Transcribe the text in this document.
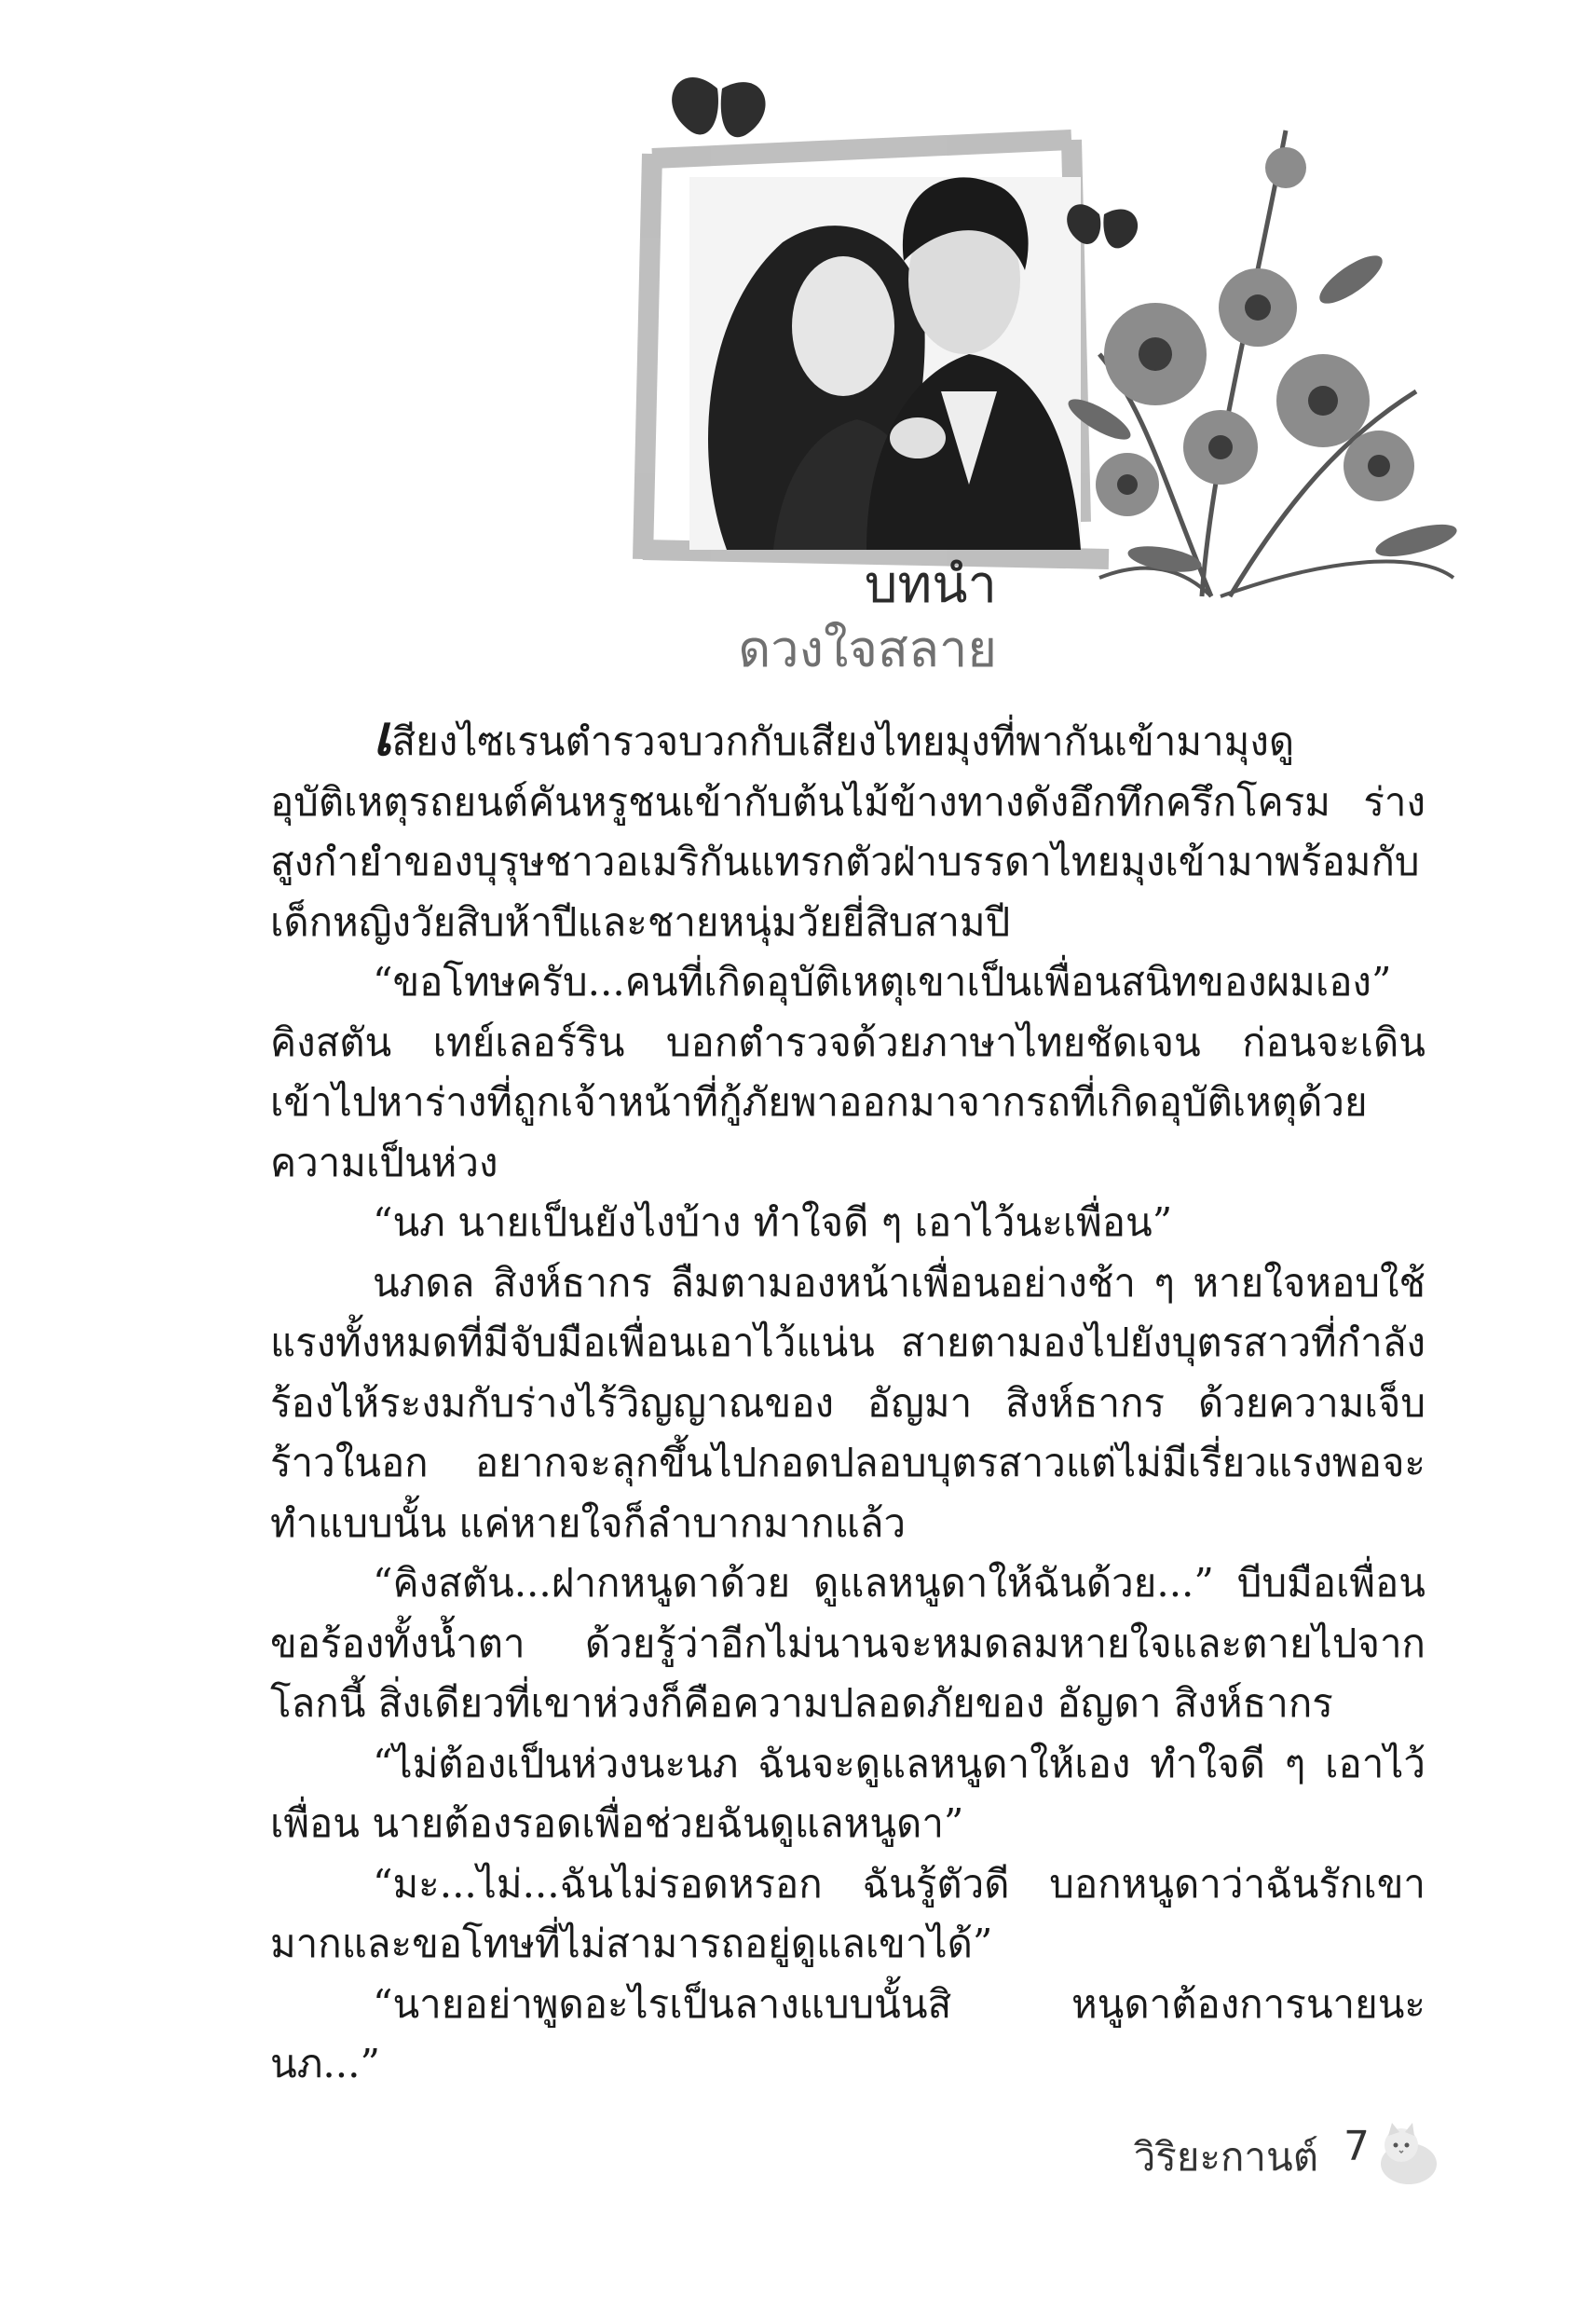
บทนำ
ดวงใจสลาย

เสียงไซเรนตำรวจบวกกับเสียงไทยมุงที่พากันเข้ามามุงดูอุบัติเหตุรถยนต์คันหรูชนเข้ากับต้นไม้ข้างทางดังอึกทึกครึกโครม ร่างสูงกำยำของบุรุษชาวอเมริกันแทรกตัวฝ่าบรรดาไทยมุงเข้ามาพร้อมกับเด็กหญิงวัยสิบห้าปีและชายหนุ่มวัยยี่สิบสามปี

“ขอโทษครับ...คนที่เกิดอุบัติเหตุเขาเป็นเพื่อนสนิทของผมเอง” คิงสตัน เทย์เลอร์ริน บอกตำรวจด้วยภาษาไทยชัดเจน ก่อนจะเดินเข้าไปหาร่างที่ถูกเจ้าหน้าที่กู้ภัยพาออกมาจากรถที่เกิดอุบัติเหตุด้วยความเป็นห่วง

“นภ นายเป็นยังไงบ้าง ทำใจดี ๆ เอาไว้นะเพื่อน”

นภดล สิงห์ธากร ลืมตามองหน้าเพื่อนอย่างช้า ๆ หายใจหอบใช้แรงทั้งหมดที่มีจับมือเพื่อนเอาไว้แน่น สายตามองไปยังบุตรสาวที่กำลังร้องไห้ระงมกับร่างไร้วิญญาณของ อัญมา สิงห์ธากร ด้วยความเจ็บร้าวในอก อยากจะลุกขึ้นไปกอดปลอบบุตรสาวแต่ไม่มีเรี่ยวแรงพอจะทำแบบนั้น แค่หายใจก็ลำบากมากแล้ว

“คิงสตัน...ฝากหนูดาด้วย ดูแลหนูดาให้ฉันด้วย...” บีบมือเพื่อนขอร้องทั้งน้ำตา ด้วยรู้ว่าอีกไม่นานจะหมดลมหายใจและตายไปจากโลกนี้ สิ่งเดียวที่เขาห่วงก็คือความปลอดภัยของ อัญดา สิงห์ธากร

“ไม่ต้องเป็นห่วงนะนภ ฉันจะดูแลหนูดาให้เอง ทำใจดี ๆ เอาไว้เพื่อน นายต้องรอดเพื่อช่วยฉันดูแลหนูดา”

“มะ...ไม่...ฉันไม่รอดหรอก ฉันรู้ตัวดี บอกหนูดาว่าฉันรักเขามากและขอโทษที่ไม่สามารถอยู่ดูแลเขาได้”

“นายอย่าพูดอะไรเป็นลางแบบนั้นสิ หนูดาต้องการนายนะนภ...”

วิริยะกานต์ 7
